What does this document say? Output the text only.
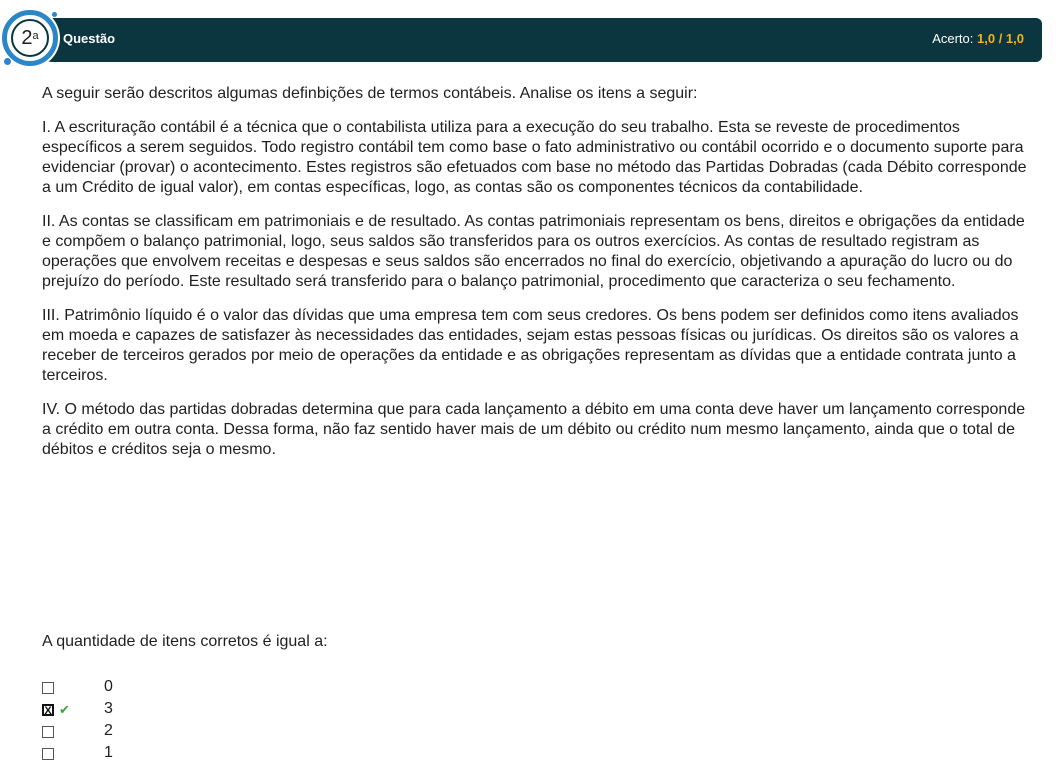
Questão	Acerto: 1,0 / 1,0
2$^a$

A seguir serão descritos algumas definbições de termos contábeis. Analise os itens a seguir:

I. A escrituração contábil é a técnica que o contabilista utiliza para a execução do seu trabalho. Esta se reveste de procedimentos específicos a serem seguidos. Todo registro contábil tem como base o fato administrativo ou contábil ocorrido e o documento suporte para evidenciar (provar) o acontecimento. Estes registros são efetuados com base no método das Partidas Dobradas (cada Débito corresponde a um Crédito de igual valor), em contas específicas, logo, as contas são os componentes técnicos da contabilidade.

II. As contas se classificam em patrimoniais e de resultado. As contas patrimoniais representam os bens, direitos e obrigações da entidade e compõem o balanço patrimonial, logo, seus saldos são transferidos para os outros exercícios. As contas de resultado registram as operações que envolvem receitas e despesas e seus saldos são encerrados no final do exercício, objetivando a apuração do lucro ou do prejuízo do período. Este resultado será transferido para o balanço patrimonial, procedimento que caracteriza o seu fechamento.

III. Patrimônio líquido é o valor das dívidas que uma empresa tem com seus credores. Os bens podem ser definidos como itens avaliados em moeda e capazes de satisfazer às necessidades das entidades, sejam estas pessoas físicas ou jurídicas. Os direitos são os valores a receber de terceiros gerados por meio de operações da entidade e as obrigações representam as dívidas que a entidade contrata junto a terceiros.

IV. O método das partidas dobradas determina que para cada lançamento a débito em uma conta deve haver um lançamento corresponde a crédito em outra conta. Dessa forma, não faz sentido haver mais de um débito ou crédito num mesmo lançamento, ainda que o total de débitos e créditos seja o mesmo.

A quantidade de itens corretos é igual a:
0
X ✔ 3
2
1
